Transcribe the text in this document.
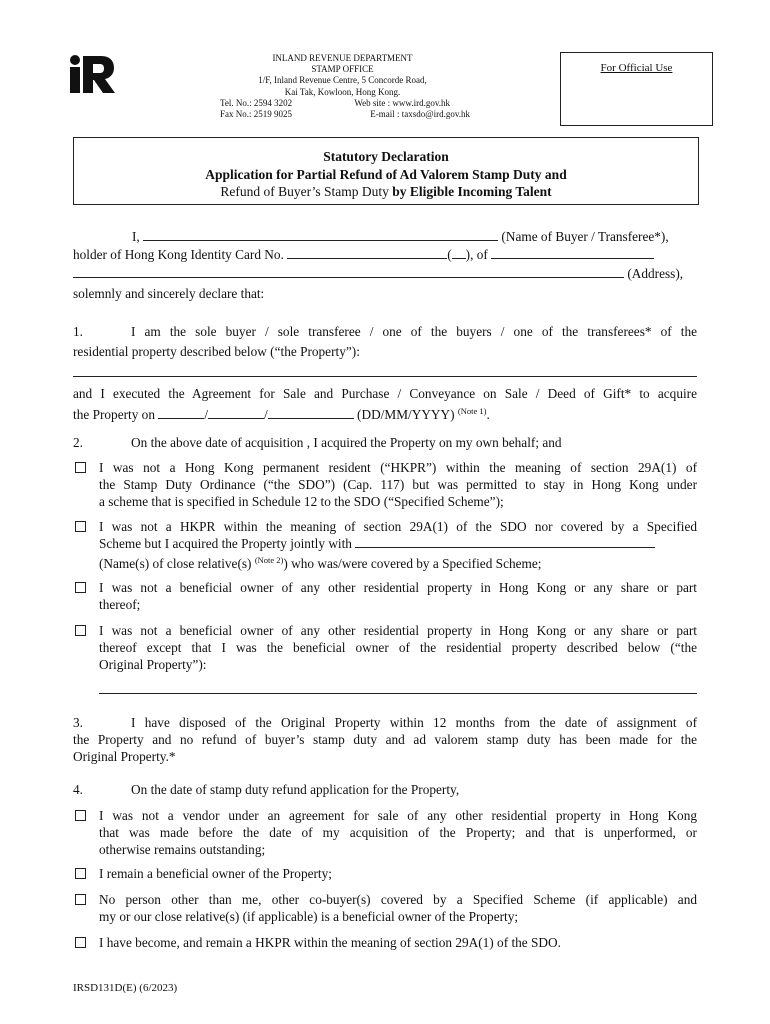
INLAND REVENUE DEPARTMENT
STAMP OFFICE
1/F, Inland Revenue Centre, 5 Concorde Road,
Kai Tak, Kowloon, Hong Kong.
Tel. No.: 2594 3202	Web site : www.ird.gov.hk
Fax No.: 2519 9025	E-mail : taxsdo@ird.gov.hk
For Official Use
Statutory Declaration
Application for Partial Refund of Ad Valorem Stamp Duty and
Refund of Buyer’s Stamp Duty by Eligible Incoming Talent
I,	(Name of Buyer / Transferee*),
holder of Hong Kong Identity Card No.	( ), of
(Address),
solemnly and sincerely declare that:
1.	I am the sole buyer / sole transferee / one of the buyers / one of the transferees* of the
residential property described below (“the Property”):
and I executed the Agreement for Sale and Purchase / Conveyance on Sale / Deed of Gift* to acquire
the Property on	/	/	(DD/MM/YYYY) $^{(Note 1)}$.
2.	On the above date of acquisition , I acquired the Property on my own behalf; and
I was not a Hong Kong permanent resident (“HKPR”) within the meaning of section 29A(1) of
the Stamp Duty Ordinance (“the SDO”) (Cap. 117) but was permitted to stay in Hong Kong under
a scheme that is specified in Schedule 12 to the SDO (“Specified Scheme”);
I was not a HKPR within the meaning of section 29A(1) of the SDO nor covered by a Specified
Scheme but I acquired the Property jointly with
(Name(s) of close relative(s) $^{(Note 2)}$) who was/were covered by a Specified Scheme;
I was not a beneficial owner of any other residential property in Hong Kong or any share or part
thereof;
I was not a beneficial owner of any other residential property in Hong Kong or any share or part
thereof except that I was the beneficial owner of the residential property described below (“the
Original Property”):
3.	I have disposed of the Original Property within 12 months from the date of assignment of
the Property and no refund of buyer’s stamp duty and ad valorem stamp duty has been made for the
Original Property.*
4.	On the date of stamp duty refund application for the Property,
I was not a vendor under an agreement for sale of any other residential property in Hong Kong
that was made before the date of my acquisition of the Property; and that is unperformed, or
otherwise remains outstanding;
I remain a beneficial owner of the Property;
No person other than me, other co-buyer(s) covered by a Specified Scheme (if applicable) and
my or our close relative(s) (if applicable) is a beneficial owner of the Property;
I have become, and remain a HKPR within the meaning of section 29A(1) of the SDO.
IRSD131D(E) (6/2023)
